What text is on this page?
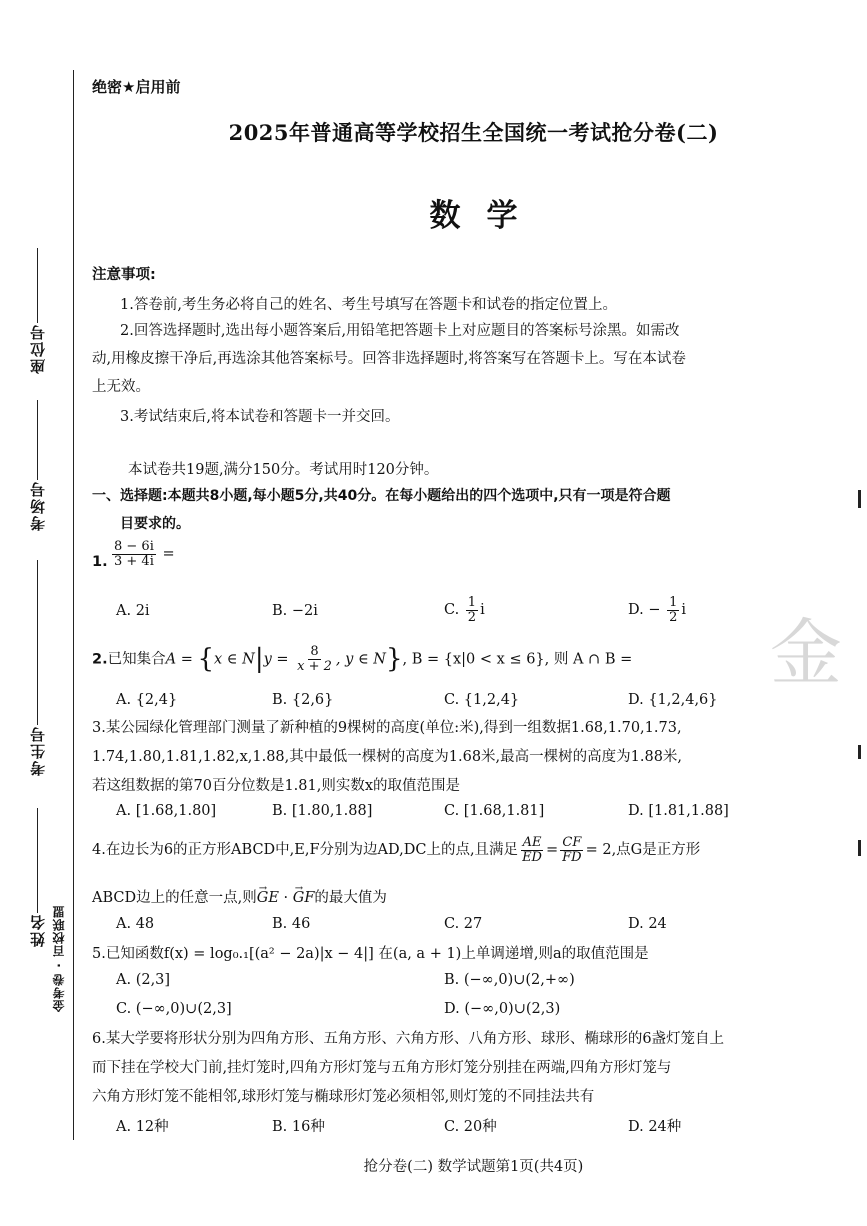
座位号
考场号
考生号
姓名 金考卷 · 百校联盟
绝密★启用前
2025年普通高等学校招生全国统一考试抢分卷(二)
数学
注意事项:
1.答卷前,考生务必将自己的姓名、考生号填写在答题卡和试卷的指定位置上。
2.回答选择题时,选出每小题答案后,用铅笔把答题卡上对应题目的答案标号涂黑。如需改
动,用橡皮擦干净后,再选涂其他答案标号。回答非选择题时,将答案写在答题卡上。写在本试卷
上无效。
3.考试结束后,将本试卷和答题卡一并交回。
本试卷共19题,满分150分。考试用时120分钟。
一、选择题:本题共8小题,每小题5分,共40分。在每小题给出的四个选项中,只有一项是符合题
目要求的。
1. $\frac{8 - 6i}{3 + 4i}$ =
A. 2i	B. −2i	C. $\frac{1}{2}$ i	D. − $\frac{1}{2}$ i
2.已知集合A = {x ∈ $N|y = \frac{8}{x + 2}$ , y ∈ N}, B = {x|0 < x ≤ 6}, 则 A ∩ B =
A. {2,4}	B. {2,6}	C. {1,2,4}	D. {1,2,4,6}
3.某公园绿化管理部门测量了新种植的9棵树的高度(单位:米),得到一组数据1.68,1.70,1.73,
1.74,1.80,1.81,1.82,x,1.88,其中最低一棵树的高度为1.68米,最高一棵树的高度为1.88米,
若这组数据的第70百分位数是1.81,则实数x的取值范围是
A. [1.68,1.80]	B. [1.80,1.88]	C. [1.68,1.81]	D. [1.81,1.88]
4.在边长为6的正方形ABCD中,E,F分别为边AD,DC上的点,且满足 $\frac{AE}{ED} = \frac{CF}{FD} = 2$,点G是正方形
ABCD边上的任意一点,则→ GE · → GF的最大值为
A. 48	B. 46	C. 27	D. 24
5.已知函数f(x) = log₀.₁[(a² − 2a)|x − 4|] 在(a, a + 1)上单调递增,则a的取值范围是
A. (2,3]	B. (−∞,0)∪(2,+∞)
C. (−∞,0)∪(2,3]	D. (−∞,0)∪(2,3)
6.某大学要将形状分别为四角方形、五角方形、六角方形、八角方形、球形、椭球形的6盏灯笼自上
而下挂在学校大门前,挂灯笼时,四角方形灯笼与五角方形灯笼分别挂在两端,四角方形灯笼与
六角方形灯笼不能相邻,球形灯笼与椭球形灯笼必须相邻,则灯笼的不同挂法共有
A. 12种	B. 16种	C. 20种	D. 24种
抢分卷(二) 数学试题第1页(共4页)
金
